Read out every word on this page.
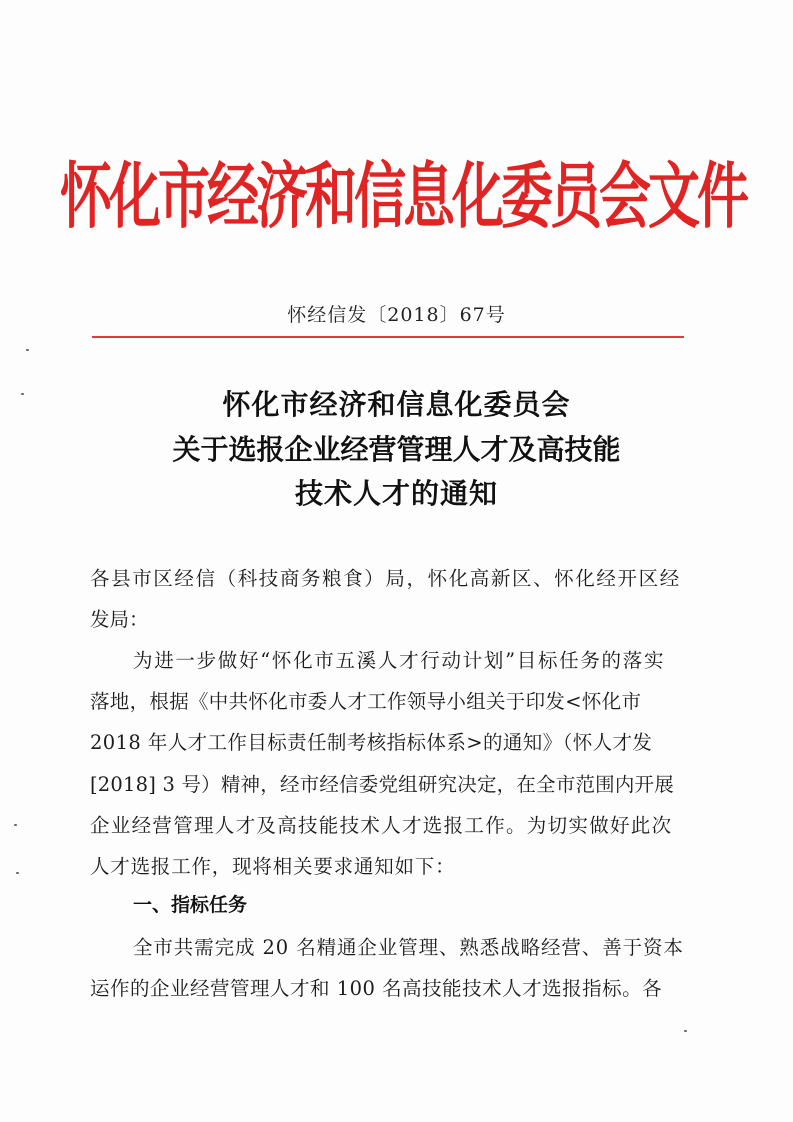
怀化市经济和信息化委员会文件
怀经信发〔2018〕67号
怀化市经济和信息化委员会
关于选报企业经营管理人才及高技能
技术人才的通知
各县市区经信（科技商务粮食）局，怀化高新区、怀化经开区经
发局：
为进一步做好“怀化市五溪人才行动计划”目标任务的落实
落地，根据《中共怀化市委人才工作领导小组关于印发<怀化市
2018 年人才工作目标责任制考核指标体系>的通知》（怀人才发
[2018] 3 号）精神，经市经信委党组研究决定，在全市范围内开展
企业经营管理人才及高技能技术人才选报工作。为切实做好此次
人才选报工作，现将相关要求通知如下：
一、指标任务
全市共需完成 20 名精通企业管理、熟悉战略经营、善于资本
运作的企业经营管理人才和 100 名高技能技术人才选报指标。各
